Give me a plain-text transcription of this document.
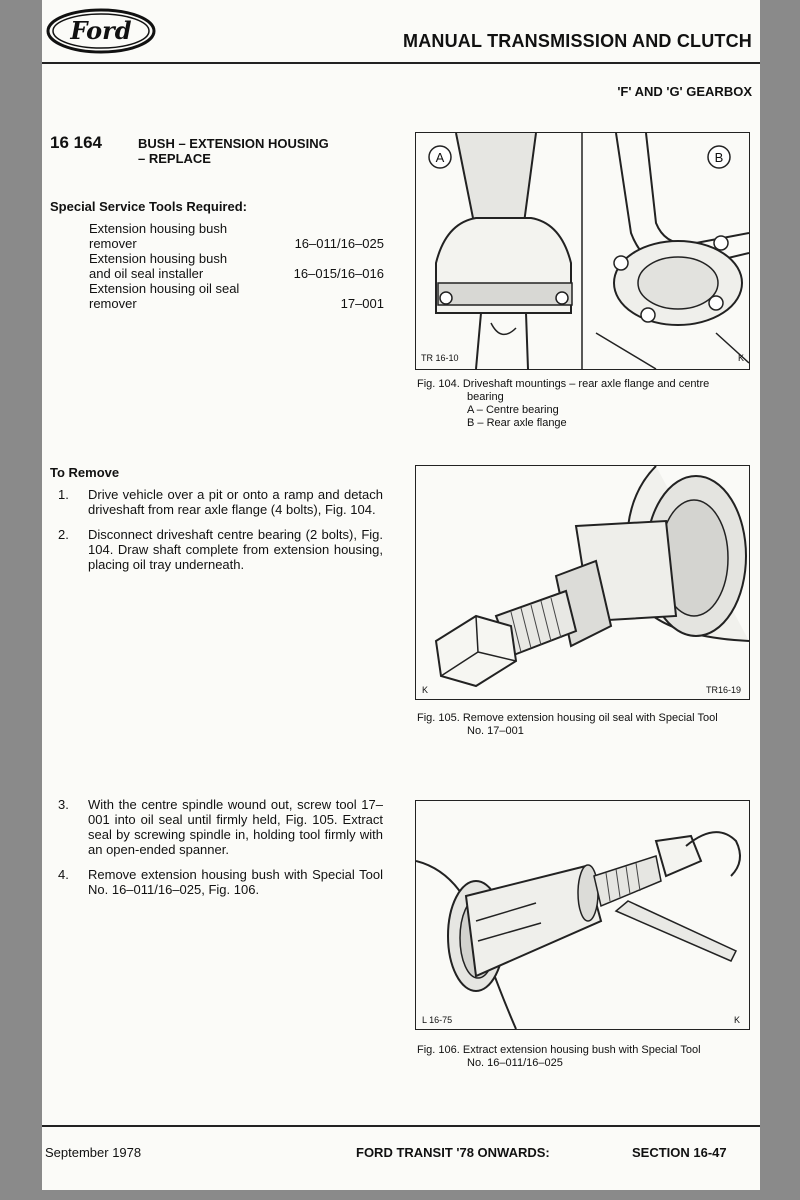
Ford	MANUAL TRANSMISSION AND CLUTCH
'F' AND 'G' GEARBOX
16 164	BUSH – EXTENSION HOUSING
– REPLACE
Special Service Tools Required:
Extension housing bush remover	16–011/16–025
Extension housing bush and oil seal installer	16–015/16–016
Extension housing oil seal remover	17–001
To Remove
1.	Drive vehicle over a pit or onto a ramp and detach driveshaft from rear axle flange (4 bolts), Fig. 104.
2.	Disconnect driveshaft centre bearing (2 bolts), Fig. 104. Draw shaft complete from extension housing, placing oil tray underneath.
3.	With the centre spindle wound out, screw tool 17–001 into oil seal until firmly held, Fig. 105. Extract seal by screwing spindle in, holding tool firmly with an open-ended spanner.
4.	Remove extension housing bush with Special Tool No. 16–011/16–025, Fig. 106.
A	B
TR 16-10	K
Fig. 104. Driveshaft mountings – rear axle flange and centre
bearing
A – Centre bearing
B – Rear axle flange
K	TR16-19
Fig. 105. Remove extension housing oil seal with Special Tool
No. 17–001
L 16-75	K
Fig. 106. Extract extension housing bush with Special Tool
No. 16–011/16–025
September 1978	FORD TRANSIT '78 ONWARDS:	SECTION 16-47
